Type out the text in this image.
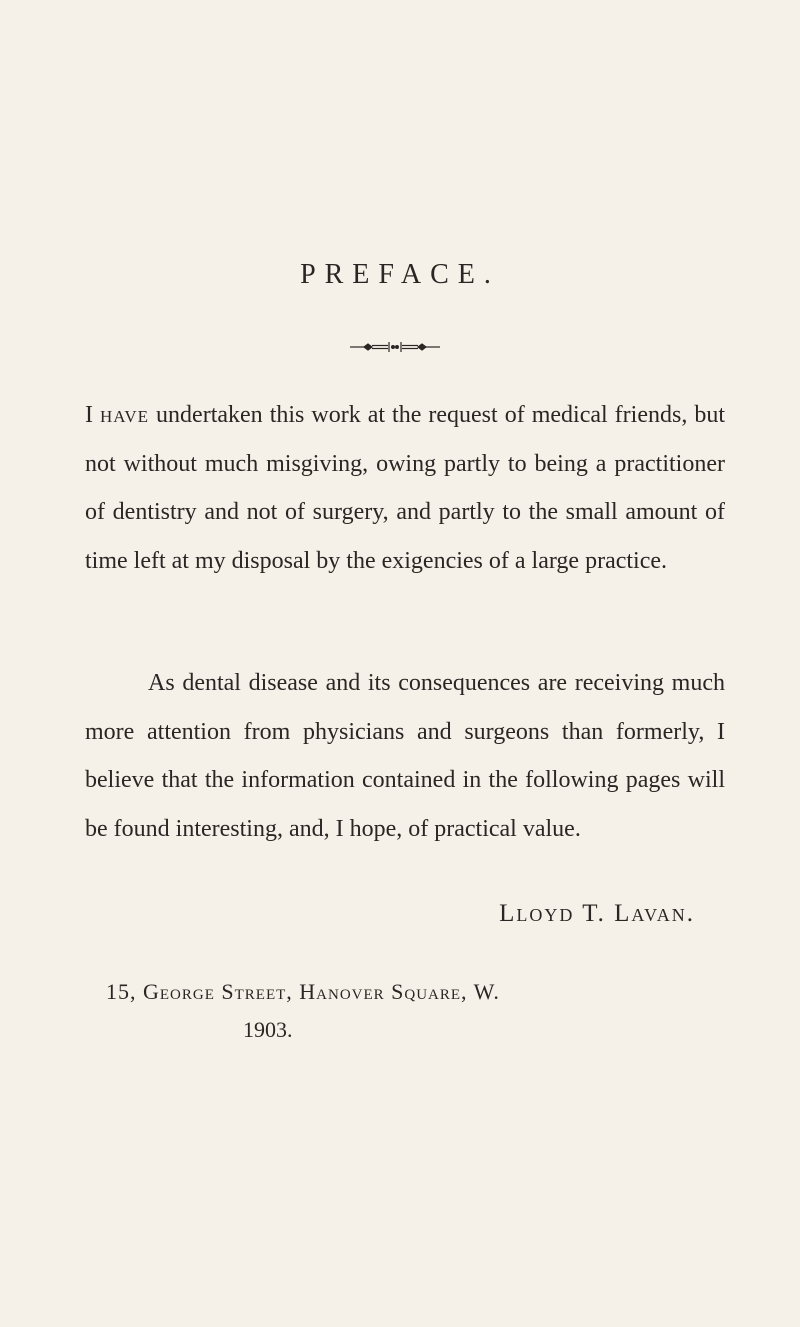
PREFACE.

I have undertaken this work at the request of medical friends, but not without much misgiving, owing partly to being a practitioner of dentistry and not of surgery, and partly to the small amount of time left at my disposal by the exigencies of a large practice.

As dental disease and its consequences are receiving much more attention from physicians and surgeons than formerly, I believe that the information contained in the following pages will be found interesting, and, I hope, of practical value.

Lloyd T. Lavan.

15, George Street, Hanover Square, W.

1903.
